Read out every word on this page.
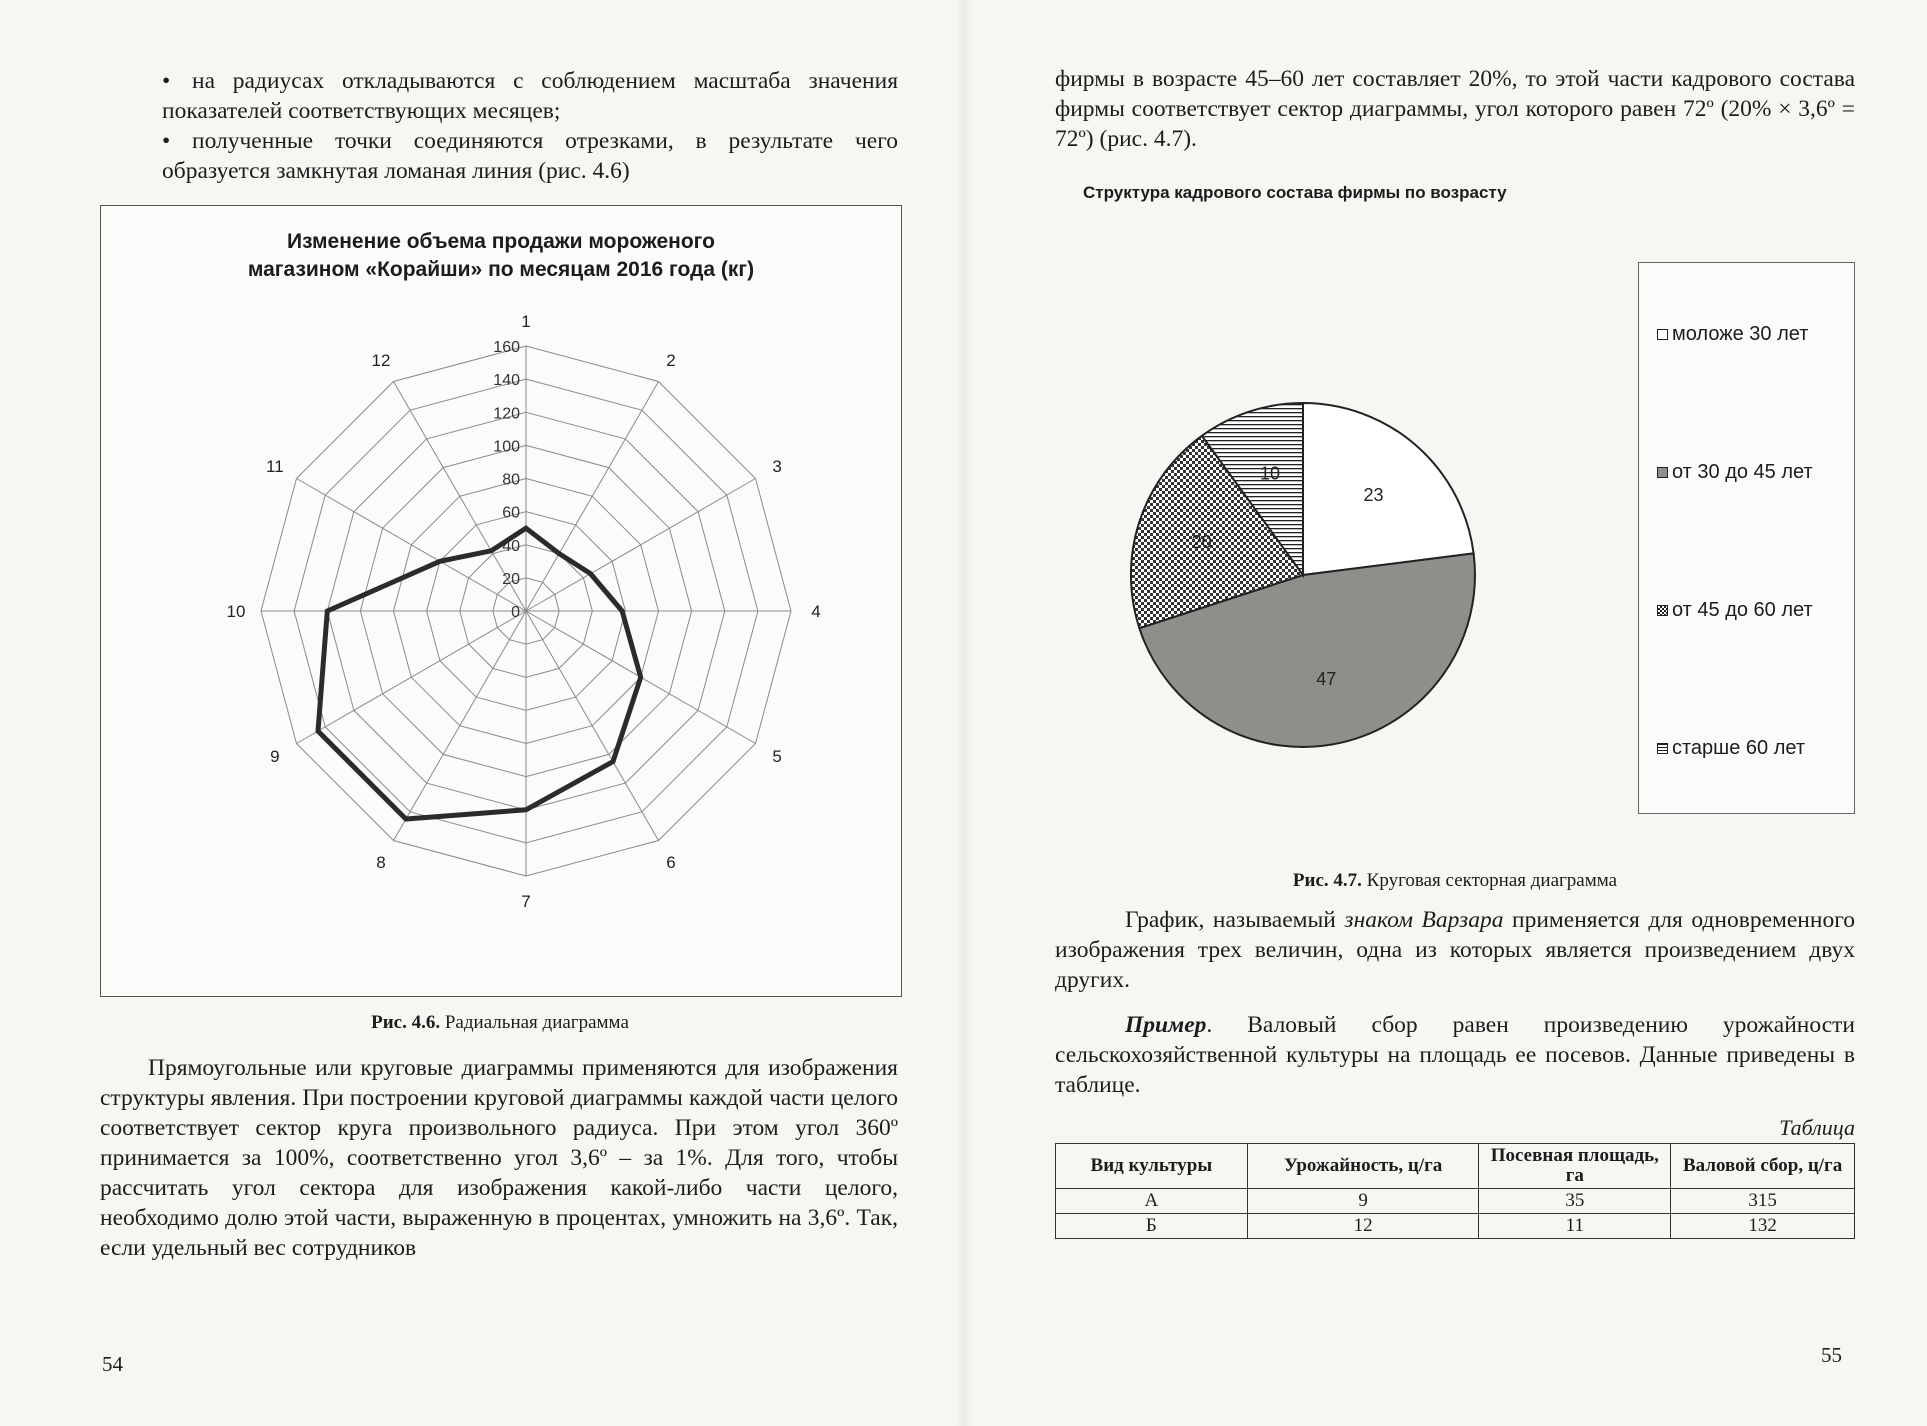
• на радиусах откладываются с соблюдением масштаба значения показателей соответствующих месяцев;
• полученные точки соединяются отрезками, в результате чего образуется замкнутая ломаная линия (рис. 4.6)
Изменение объема продажи мороженого магазином «Корайши» по месяцам 2016 года (кг)
1
2
3
4
5
6
7
8
9
10
11
12
0
20
40
60
80
100
120
140
160
Рис. 4.6. Радиальная диаграмма

Прямоугольные или круговые диаграммы применяются для изображения структуры явления. При построении круговой диаграммы каждой части целого соответствует сектор круга произвольного радиуса. При этом угол 360º принимается за 100%, соответственно угол 3,6º – за 1%. Для того, чтобы рассчитать угол сектора для изображения какой-либо части целого, необходимо долю этой части, выраженную в процентах, умножить на 3,6º. Так, если удельный вес сотрудников

54

фирмы в возрасте 45–60 лет составляет 20%, то этой части кадрового состава фирмы соответствует сектор диаграммы, угол которого равен 72º (20% × 3,6º = 72º) (рис. 4.7).

Структура кадрового состава фирмы по возрасту
23
47
20
10
моложе 30 лет
от 30 до 45 лет
от 45 до 60 лет
старше 60 лет
Рис. 4.7. Круговая секторная диаграмма

График, называемый знаком Варзара применяется для одновременного изображения трех величин, одна из которых является произведением двух других.

Пример. Валовый сбор равен произведению урожайности сельскохозяйственной культуры на площадь ее посевов. Данные приведены в таблице.

Таблица
Вид культуры	Урожайность, ц/га	Посевная площадь, га	Валовой сбор, ц/га
А	9	35	315
Б	12	11	132
55
